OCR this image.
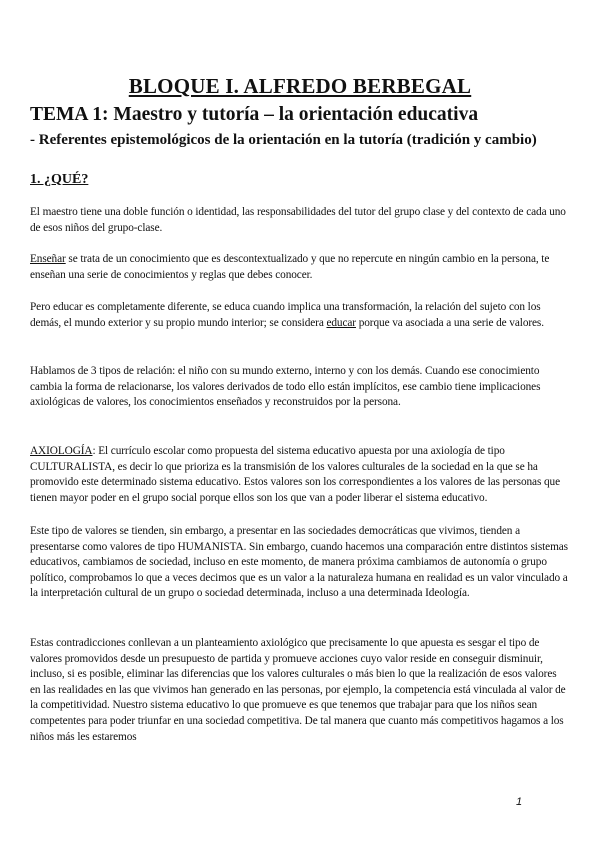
BLOQUE I. ALFREDO BERBEGAL
TEMA 1: Maestro y tutoría – la orientación educativa
- Referentes epistemológicos de la orientación en la tutoría (tradición y cambio)
1. ¿QUÉ?
El maestro tiene una doble función o identidad, las responsabilidades del tutor del grupo clase y del contexto de cada uno de esos niños del grupo-clase.
Enseñar se trata de un conocimiento que es descontextualizado y que no repercute en ningún cambio en la persona, te enseñan una serie de conocimientos y reglas que debes conocer.
Pero educar es completamente diferente, se educa cuando implica una transformación, la relación del sujeto con los demás, el mundo exterior y su propio mundo interior; se considera educar porque va asociada a una serie de valores.
Hablamos de 3 tipos de relación: el niño con su mundo externo, interno y con los demás. Cuando ese conocimiento cambia la forma de relacionarse, los valores derivados de todo ello están implícitos, ese cambio tiene implicaciones axiológicas de valores, los conocimientos enseñados y reconstruidos por la persona.
AXIOLOGÍA: El currículo escolar como propuesta del sistema educativo apuesta por una axiología de tipo CULTURALISTA, es decir lo que prioriza es la transmisión de los valores culturales de la sociedad en la que se ha promovido este determinado sistema educativo. Estos valores son los correspondientes a los valores de las personas que tienen mayor poder en el grupo social porque ellos son los que van a poder liberar el sistema educativo.
Este tipo de valores se tienden, sin embargo, a presentar en las sociedades democráticas que vivimos, tienden a presentarse como valores de tipo HUMANISTA. Sin embargo, cuando hacemos una comparación entre distintos sistemas educativos, cambiamos de sociedad, incluso en este momento, de manera próxima cambiamos de autonomía o grupo político, comprobamos lo que a veces decimos que es un valor a la naturaleza humana en realidad es un valor vinculado a la interpretación cultural de un grupo o sociedad determinada, incluso a una determinada Ideología.
Estas contradicciones conllevan a un planteamiento axiológico que precisamente lo que apuesta es sesgar el tipo de valores promovidos desde un presupuesto de partida y promueve acciones cuyo valor reside en conseguir disminuir, incluso, si es posible, eliminar las diferencias que los valores culturales o más bien lo que la realización de esos valores en las realidades en las que vivimos han generado en las personas, por ejemplo, la competencia está vinculada al valor de la competitividad. Nuestro sistema educativo lo que promueve es que tenemos que trabajar para que los niños sean competentes para poder triunfar en una sociedad competitiva. De tal manera que cuanto más competitivos hagamos a los niños más les estaremos
1
